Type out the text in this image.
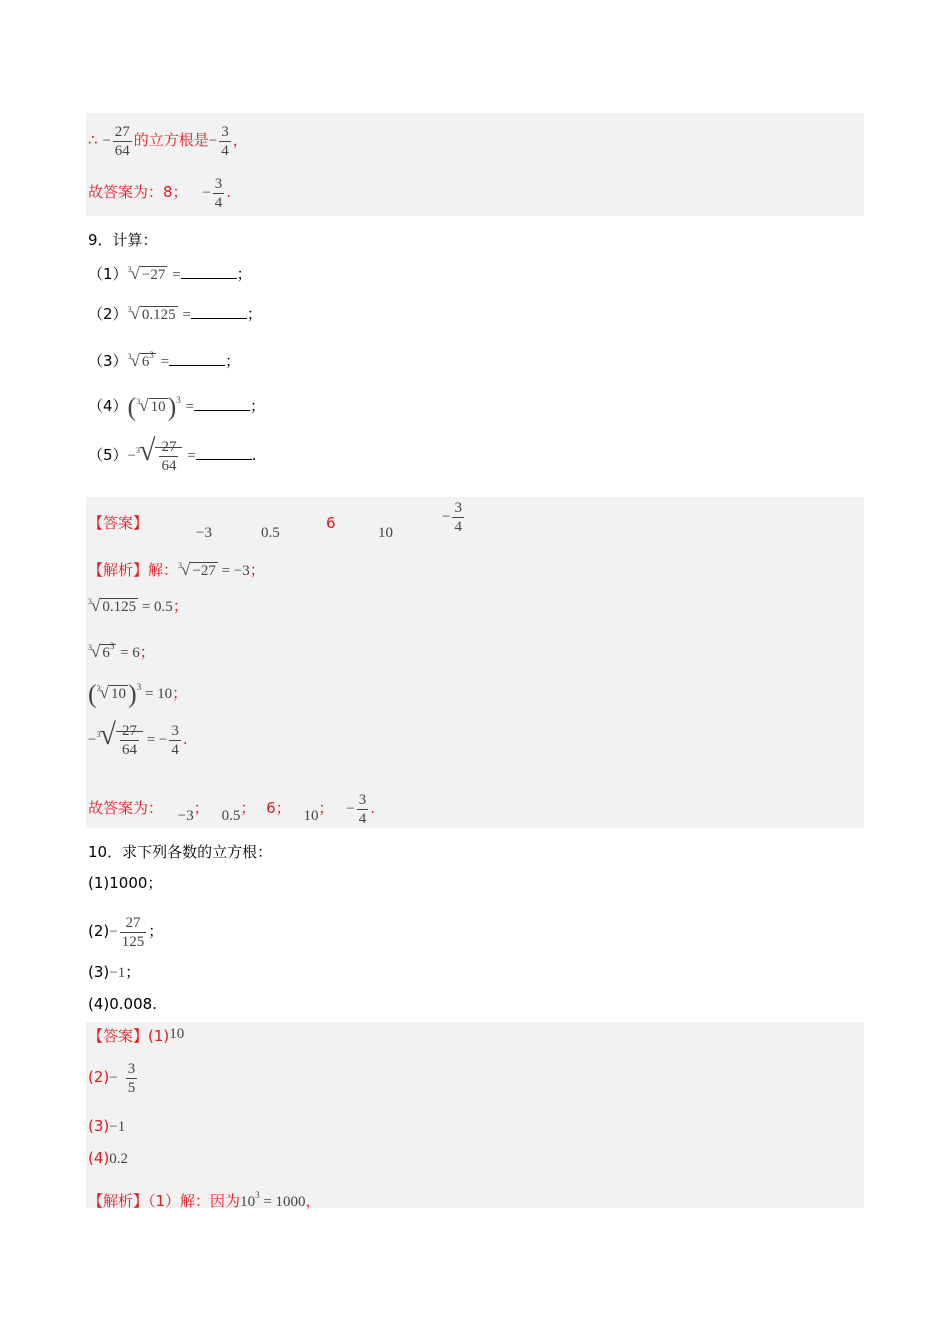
∴ − $\frac{27}{64}$ 的立方根是− $\frac{3}{4}$ ，
故答案为：8； − $\frac{3}{4}$ .
9．计算：
$(1)^3√ -27$ =	；
$(2)^3√$ 0.125 =	；
$(3)^3√$ $6^3$ =	；
（4）($^3$√ 10)$^3$ =	；
$(5)-^3√ \frac{27}{64}$ =	.
【答案】
−3	0.5
6
10
− $\frac{3}{4}$
【解析】解：$^3$√ −27 = −3；
$^3$√ 0.125 = 0.5；
$^3$√ $6^3 = 6$；
($^3$√ 10)$^3$ = 10；
$-^3√ \frac{27}{64}$ = − $\frac{3}{4}$ .
故答案为： −3； 0.5； 6； 10； − $\frac{3}{4}$ .
10．求下列各数的立方根：
(1)1000；
$(2)- \frac{27}{125}$ ；
(3)−1；
(4)0.008.
【答案】(1)10
$(2)- \frac{3}{5}$
(3)−1
(4)0.2
【解析】（1）解：因为$10^3 = 1000$，
